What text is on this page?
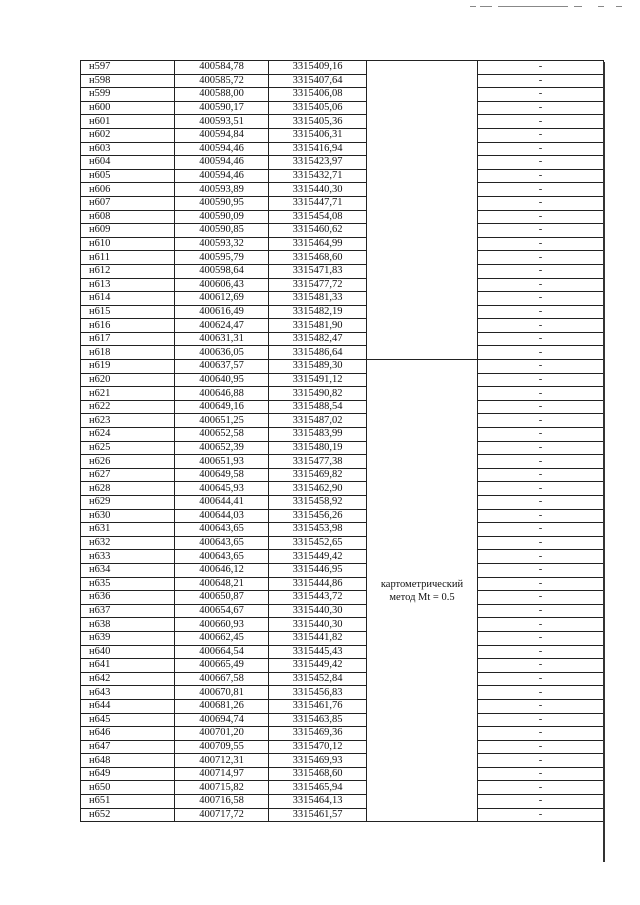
н597	400584,78	3315409,16		-
н598	400585,72	3315407,64		-
н599	400588,00	3315406,08		-
н600	400590,17	3315405,06		-
н601	400593,51	3315405,36		-
н602	400594,84	3315406,31		-
н603	400594,46	3315416,94		-
н604	400594,46	3315423,97		-
н605	400594,46	3315432,71		-
н606	400593,89	3315440,30		-
н607	400590,95	3315447,71		-
н608	400590,09	3315454,08		-
н609	400590,85	3315460,62		-
н610	400593,32	3315464,99		-
н611	400595,79	3315468,60		-
н612	400598,64	3315471,83		-
н613	400606,43	3315477,72		-
н614	400612,69	3315481,33		-
н615	400616,49	3315482,19		-
н616	400624,47	3315481,90		-
н617	400631,31	3315482,47		-
н618	400636,05	3315486,64		-
н619	400637,57	3315489,30	картометрический метод Mt = 0.5	-
н620	400640,95	3315491,12		-
н621	400646,88	3315490,82		-
н622	400649,16	3315488,54		-
н623	400651,25	3315487,02		-
н624	400652,58	3315483,99		-
н625	400652,39	3315480,19		-
н626	400651,93	3315477,38		-
н627	400649,58	3315469,82		-
н628	400645,93	3315462,90		-
н629	400644,41	3315458,92		-
н630	400644,03	3315456,26		-
н631	400643,65	3315453,98		-
н632	400643,65	3315452,65		-
н633	400643,65	3315449,42		-
н634	400646,12	3315446,95		-
н635	400648,21	3315444,86		-
н636	400650,87	3315443,72		-
н637	400654,67	3315440,30		-
н638	400660,93	3315440,30		-
н639	400662,45	3315441,82		-
н640	400664,54	3315445,43		-
н641	400665,49	3315449,42		-
н642	400667,58	3315452,84		-
н643	400670,81	3315456,83		-
н644	400681,26	3315461,76		-
н645	400694,74	3315463,85		-
н646	400701,20	3315469,36		-
н647	400709,55	3315470,12		-
н648	400712,31	3315469,93		-
н649	400714,97	3315468,60		-
н650	400715,82	3315465,94		-
н651	400716,58	3315464,13		-
н652	400717,72	3315461,57		-
